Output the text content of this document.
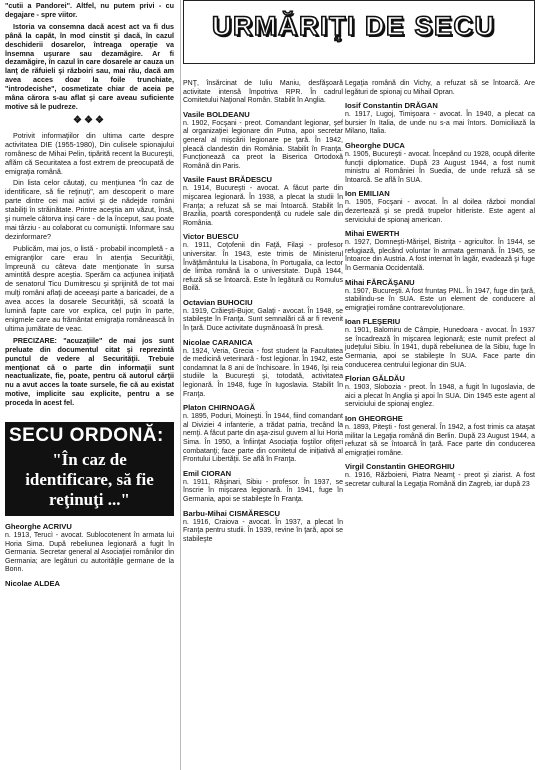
"cutii a Pandorei". Altfel, nu putem privi - cu degajare - spre viitor.

Istoria va consemna dacă acest act va fi dus până la capăt, în mod cinstit şi dacă, în cazul deschiderii dosarelor, întreaga operaţie va însemna uşurare sau dezamăgire. Ar fi dezamăgire, în cazul în care dosarele ar cauza un lanţ de răfuieli şi războiri sau, mai rău, dacă am avea acces doar la foile trunchiate, "introdecishe", cosmetizate chiar de aceia pe mâna cărora s-au aflat şi care aveau suficiente motive să le pudreze.

❖❖❖

Potrivit informaţiilor din ultima carte despre activitatea DIE (1955-1980), Din culisele spionajului românesc de Mihai Pelin, tipărită recent la Bucureşti, aflăm că Securitatea a fost extrem de preocupată de emigraţia română.

Din lista celor căutaţi, cu menţiunea "În caz de identificare, să fie reţinuţi", am descoperit o mare parte dintre cei mai activi şi de nădejde români stabiliţi în străinătate. Printre aceştia am văzut, însă, şi numele câtorva inşi care - de la început, sau poate mai târziu - au colaborat cu comuniştii. Informare sau dezinformare?

Publicăm, mai jos, o listă - probabil incompletă - a emigranţilor care erau în atenţia Securităţii, împreună cu câteva date menţionate în sursa amintită despre aceştia. Sperăm ca acţiunea iniţiată de senatorul Ticu Dumitrescu şi sprijinită de tot mai mulţi români aflaţi de aceeaşi parte a baricadei, de a avea acces la dosarele Securităţii, să scoată la lumină fapte care vor explica, cel puţin în parte, enigmele care au frământat emigraţia românească în ultima jumătate de veac.

PRECIZARE: "acuzaţiile" de mai jos sunt preluate din documentul citat şi reprezintă punctul de vedere al Securităţii. Trebuie menţionat că o parte din informaţii sunt neactualizate, fie, poate, pentru că autorul cărţii nu a avut acces la toate sursele, fie că au existat motive, implicite sau explicite, pentru a se proceda în acest fel.

SECU ORDONĂ:
"În caz de identificare, să fie reţinuţi ..."
Gheorghe ACRIVU
n. 1913, Terucì - avocat. Sublocotenent în armata lui Horia Sima. După rebeliunea legionară a fugit în Germania. Secretar general al Asociaţiei românilor din Germania; are legături cu autorităţile germane de la Bonn.
Nicolae ALDEA
URMĂRIŢI DE SECU
PNŢ, însărcinat de Iuliu Maniu, desfăşoară activitate intensă împotriva RPR. În cadrul Comitetului Naţional Român. Stabilit în Anglia.
Vasile BOLDEANU
n. 1902, Focşani - preot. Comandant legionar, şef al organizaţiei legionare din Putna, apoi secretar general al mişcării legionare pe ţară. În 1942, pleacă clandestin din România. Stabilit în Franţa. Funcţionează ca preot la Biserica Ortodoxă Română din Paris.
Vasile Faust BRĂDESCU
n. 1914, Bucureşti - avocat. A făcut parte din mişcarea legionară. În 1938, a plecat la studii în Franţa; a refuzat să se mai întoarcă. Stabilit în Brazilia, poartă corespondenţă cu rudele sale din România.
Victor BUESCU
n. 1911, Coţofenii din Faţă, Filaşi - profesor universitar. În 1943, este trimis de Ministerul Învăţământului la Lisabona, în Portugalia, ca lector de limba română la o universitate. După 1944, refuză să se întoarcă. Este în legătură cu Romulus Boilă.
Octavian BUHOCIU
n. 1919, Crăieşti-Bujor, Galaţi - avocat. În 1948, se stabileşte în Franţa. Sunt semnalări că ar fi revenit în ţară. Duce activitate duşmănoasă în presă.
Nicolae CARANICA
n. 1924, Veria, Grecia - fost student la Facultatea de medicină veterinară - fost legionar. În 1942, este condamnat la 8 ani de închisoare. În 1946, îşi reia studiile la Bucureşti şi, totodată, activitatea legionară. În 1948, fuge în Iugoslavia. Stabilit în Franţa.
Platon CHIRNOAGĂ
n. 1895, Poduri, Moineşti. În 1944, fiind comandant al Diviziei 4 infanterie, a trădat patria, trecând la nemţi. A făcut parte din aşa-zisul guvern al lui Horia Sima. În 1950, a înfiinţat Asociaţia foştilor ofiţeri combatanţi; face parte din comitetul de iniţiativă al Frontului Libertăţii. Se află în Franţa.
Emil CIORAN
n. 1911, Răşinari, Sibiu - profesor. În 1937, se înscrie în mişcarea legionară. În 1941, fuge în Germania, apoi se stabileşte în Franţa.
Barbu-Mihai CISMĂRESCU
n. 1916, Craiova - avocat. În 1937, a plecat în Franţa pentru studii. În 1939, revine în ţară, apoi se stabileşte
Legaţia română din Vichy, a refuzat să se întoarcă. Are legături de spionaj cu Mihail Opran.
Iosif Constantin DRĂGAN
n. 1917, Lugoj, Timişoara - avocat. În 1940, a plecat ca bursier în Italia, de unde nu s-a mai întors. Domiciliază la Milano, Italia.
Gheorghe DUCA
n. 1905, Bucureşti - avocat. Începând cu 1928, ocupă diferite funcţii diplomatice. După 23 August 1944, a fost numit ministru al României în Suedia, de unde refuză să se întoarcă. Se află în SUA.
Ion EMILIAN
n. 1905, Focşani - avocat. În al doilea război mondial dezertează şi se predă trupelor hitleriste. Este agent al serviciului de spionaj american.
Mihai EWERTH
n. 1927, Domneşti-Mărişel, Bistriţa - agricultor. În 1944, se refugiază, plecând voluntar în armata germană. În 1945, se întoarce din Austria. A fost internat în lagăr, evadează şi fuge în Germania Occidentală.
Mihai FĂRCĂŞANU
n. 1907, Bucureşti. A fost fruntaş PNL. În 1947, fuge din ţară, stabilindu-se în SUA. Este un element de conducere al emigraţiei române contrarevoluţionare.
Ioan FLEŞERIU
n. 1901, Balomiru de Câmpie, Hunedoara - avocat. În 1937 se încadrează în mişcarea legionară; este numit prefect al judeţului Sibiu. În 1941, după rebeliunea de la Sibiu, fuge în Germania, apoi se stabileşte în SUA. Face parte din conducerea centrului legionar din SUA.
Florian GĂLDĂU
n. 1903, Slobozia - preot. În 1948, a fugit în Iugoslavia, de aici a plecat în Anglia şi apoi în SUA. Din 1945 este agent al serviciului de spionaj englez.
Ion GHEORGHE
n. 1893, Piteşti - fost general. În 1942, a fost trimis ca ataşat militar la Legaţia română din Berlin. După 23 August 1944, a refuzat să se întoarcă în ţară. Face parte din conducerea emigraţiei române.
Virgil Constantin GHEORGHIU
n. 1916, Războieni, Piatra Neamţ - preot şi ziarist. A fost secretar cultural la Legaţia Română din Zagreb, iar după 23
